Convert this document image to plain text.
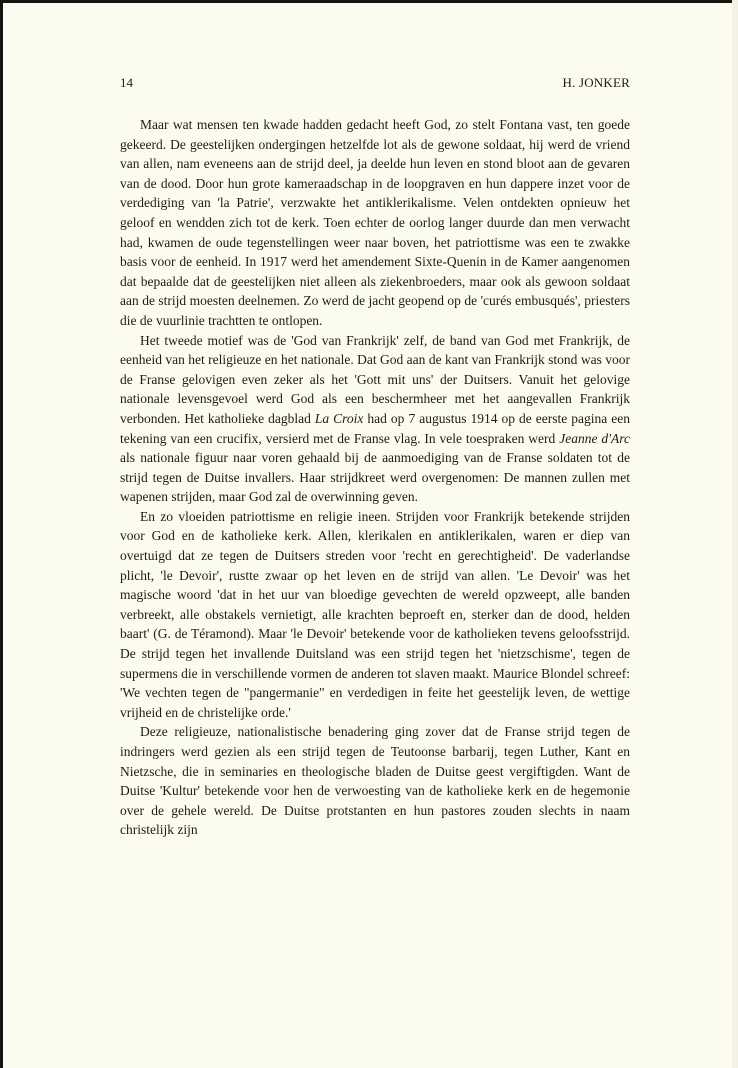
14	H. JONKER

Maar wat mensen ten kwade hadden gedacht heeft God, zo stelt Fontana vast, ten goede gekeerd. De geestelijken ondergingen hetzelfde lot als de gewone soldaat, hij werd de vriend van allen, nam eveneens aan de strijd deel, ja deelde hun leven en stond bloot aan de gevaren van de dood. Door hun grote kameraadschap in de loopgraven en hun dappere inzet voor de verdediging van 'la Patrie', verzwakte het antiklerikalisme. Velen ontdekten opnieuw het geloof en wendden zich tot de kerk. Toen echter de oorlog langer duurde dan men verwacht had, kwamen de oude tegenstellingen weer naar boven, het patriottisme was een te zwakke basis voor de eenheid. In 1917 werd het amendement Sixte-Quenin in de Kamer aangenomen dat bepaalde dat de geestelijken niet alleen als ziekenbroeders, maar ook als gewoon soldaat aan de strijd moesten deelnemen. Zo werd de jacht geopend op de 'curés embusqués', priesters die de vuurlinie trachtten te ontlopen.

Het tweede motief was de 'God van Frankrijk' zelf, de band van God met Frankrijk, de eenheid van het religieuze en het nationale. Dat God aan de kant van Frankrijk stond was voor de Franse gelovigen even zeker als het 'Gott mit uns' der Duitsers. Vanuit het gelovige nationale levensgevoel werd God als een beschermheer met het aangevallen Frankrijk verbonden. Het katholieke dagblad La Croix had op 7 augustus 1914 op de eerste pagina een tekening van een crucifix, versierd met de Franse vlag. In vele toespraken werd Jeanne d'Arc als nationale figuur naar voren gehaald bij de aanmoediging van de Franse soldaten tot de strijd tegen de Duitse invallers. Haar strijdkreet werd overgenomen: De mannen zullen met wapenen strijden, maar God zal de overwinning geven.

En zo vloeiden patriottisme en religie ineen. Strijden voor Frankrijk betekende strijden voor God en de katholieke kerk. Allen, klerikalen en antiklerikalen, waren er diep van overtuigd dat ze tegen de Duitsers streden voor 'recht en gerechtigheid'. De vaderlandse plicht, 'le Devoir', rustte zwaar op het leven en de strijd van allen. 'Le Devoir' was het magische woord 'dat in het uur van bloedige gevechten de wereld opzweept, alle banden verbreekt, alle obstakels vernietigt, alle krachten beproeft en, sterker dan de dood, helden baart' (G. de Téramond). Maar 'le Devoir' betekende voor de katholieken tevens geloofsstrijd. De strijd tegen het invallende Duitsland was een strijd tegen het 'nietzschisme', tegen de supermens die in verschillende vormen de anderen tot slaven maakt. Maurice Blondel schreef: 'We vechten tegen de "pangermanie" en verdedigen in feite het geestelijk leven, de wettige vrijheid en de christelijke orde.'

Deze religieuze, nationalistische benadering ging zover dat de Franse strijd tegen de indringers werd gezien als een strijd tegen de Teutoonse barbarij, tegen Luther, Kant en Nietzsche, die in seminaries en theologische bladen de Duitse geest vergiftigden. Want de Duitse 'Kultur' betekende voor hen de verwoesting van de katholieke kerk en de hegemonie over de gehele wereld. De Duitse protstanten en hun pastores zouden slechts in naam christelijk zijn
